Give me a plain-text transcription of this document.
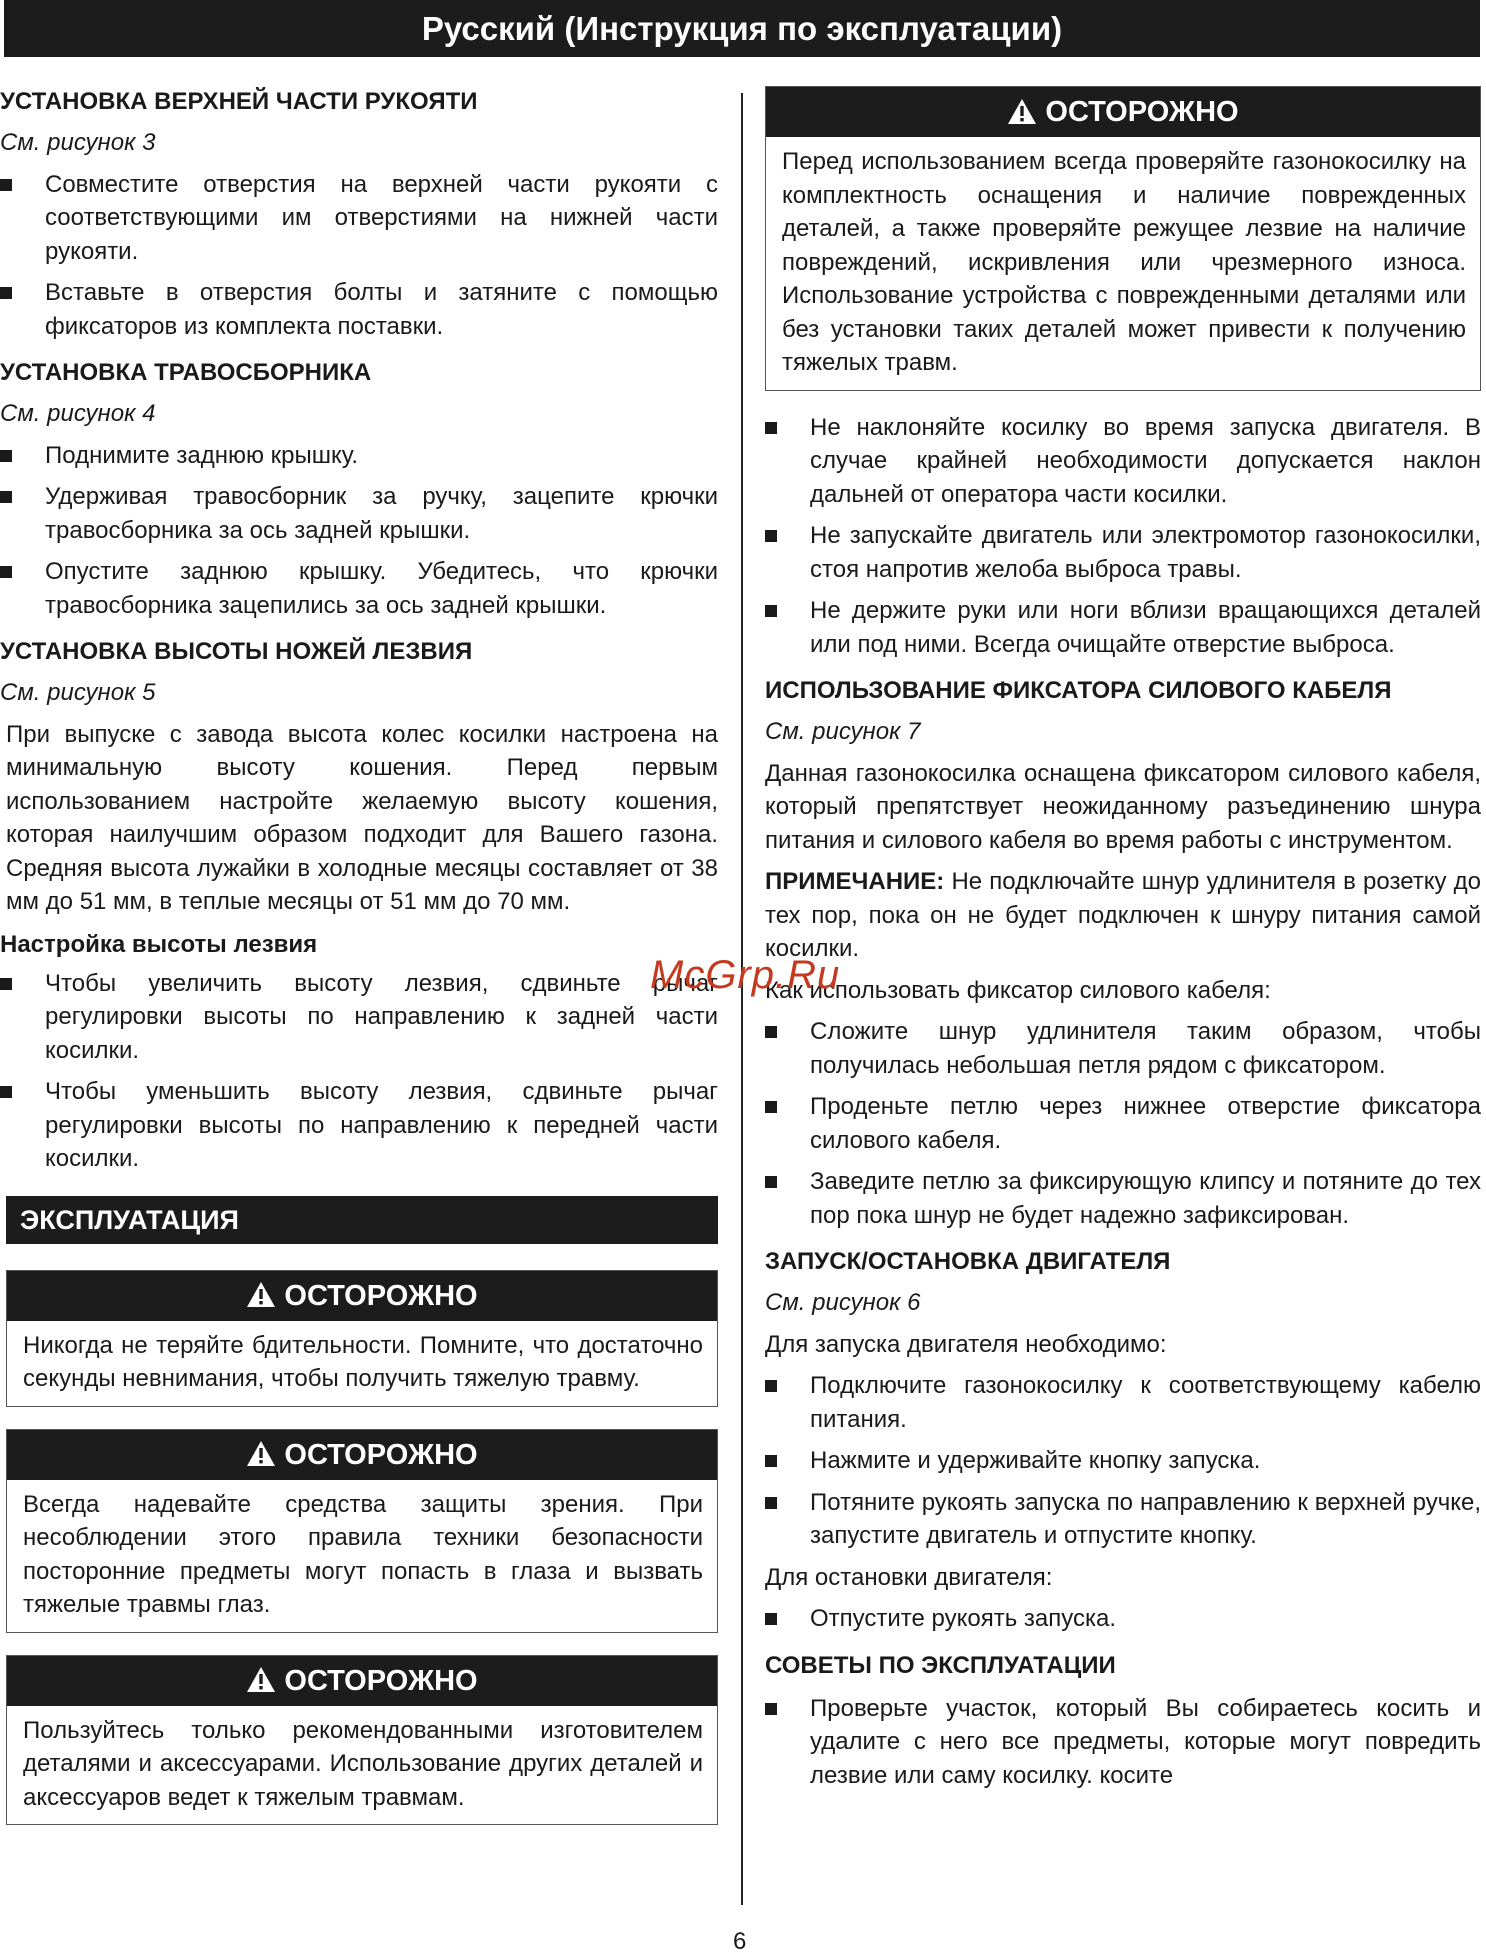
Русский (Инструкция по эксплуатации)
УСТАНОВКА ВЕРХНЕЙ ЧАСТИ РУКОЯТИ
См. рисунок 3
Совместите отверстия на верхней части рукояти с соответствующими им отверстиями на нижней части рукояти.
Вставьте в отверстия болты и затяните с помощью фиксаторов из комплекта поставки.
УСТАНОВКА ТРАВОСБОРНИКА
См. рисунок 4
Поднимите заднюю крышку.
Удерживая травосборник за ручку, зацепите крючки травосборника за ось задней крышки.
Опустите заднюю крышку. Убедитесь, что крючки травосборника зацепились за ось задней крышки.
УСТАНОВКА ВЫСОТЫ НОЖЕЙ ЛЕЗВИЯ
См. рисунок 5

При выпуске с завода высота колес косилки настроена на минимальную высоту кошения. Перед первым использованием настройте желаемую высоту кошения, которая наилучшим образом подходит для Вашего газона. Средняя высота лужайки в холодные месяцы составляет от 38 мм до 51 мм, в теплые месяцы от 51 мм до 70 мм.

Настройка высоты лезвия
Чтобы увеличить высоту лезвия, сдвиньте рычаг регулировки высоты по направлению к задней части косилки.
Чтобы уменьшить высоту лезвия, сдвиньте рычаг регулировки высоты по направлению к передней части косилки.
ЭКСПЛУАТАЦИЯ
ОСТОРОЖНО
Никогда не теряйте бдительности. Помните, что достаточно секунды невнимания, чтобы получить тяжелую травму.
ОСТОРОЖНО
Всегда надевайте средства защиты зрения. При несоблюдении этого правила техники безопасности посторонние предметы могут попасть в глаза и вызвать тяжелые травмы глаз.
ОСТОРОЖНО
Пользуйтесь только рекомендованными изготовителем деталями и аксессуарами. Использование других деталей и аксессуаров ведет к тяжелым травмам.
ОСТОРОЖНО
Перед использованием всегда проверяйте газонокосилку на комплектность оснащения и наличие поврежденных деталей, а также проверяйте режущее лезвие на наличие повреждений, искривления или чрезмерного износа. Использование устройства с поврежденными деталями или без установки таких деталей может привести к получению тяжелых травм.
Не наклоняйте косилку во время запуска двигателя. В случае крайней необходимости допускается наклон дальней от оператора части косилки.
Не запускайте двигатель или электромотор газонокосилки, стоя напротив желоба выброса травы.
Не держите руки или ноги вблизи вращающихся деталей или под ними. Всегда очищайте отверстие выброса.
ИСПОЛЬЗОВАНИЕ ФИКСАТОРА СИЛОВОГО КАБЕЛЯ
См. рисунок 7

Данная газонокосилка оснащена фиксатором силового кабеля, который препятствует неожиданному разъединению шнура питания и силового кабеля во время работы с инструментом.

ПРИМЕЧАНИЕ: Не подключайте шнур удлинителя в розетку до тех пор, пока он не будет подключен к шнуру питания самой косилки.

Как использовать фиксатор силового кабеля:

Сложите шнур удлинителя таким образом, чтобы получилась небольшая петля рядом с фиксатором.
Проденьте петлю через нижнее отверстие фиксатора силового кабеля.
Заведите петлю за фиксирующую клипсу и потяните до тех пор пока шнур не будет надежно зафиксирован.
ЗАПУСК/ОСТАНОВКА ДВИГАТЕЛЯ
См. рисунок 6

Для запуска двигателя необходимо:

Подключите газонокосилку к соответствующему кабелю питания.
Нажмите и удерживайте кнопку запуска.
Потяните рукоять запуска по направлению к верхней ручке, запустите двигатель и отпустите кнопку.

Для остановки двигателя:

Отпустите рукоять запуска.
СОВЕТЫ ПО ЭКСПЛУАТАЦИИ
Проверьте участок, который Вы собираетесь косить и удалите с него все предметы, которые могут повредить лезвие или саму косилку. косите
McGrp.Ru
6
